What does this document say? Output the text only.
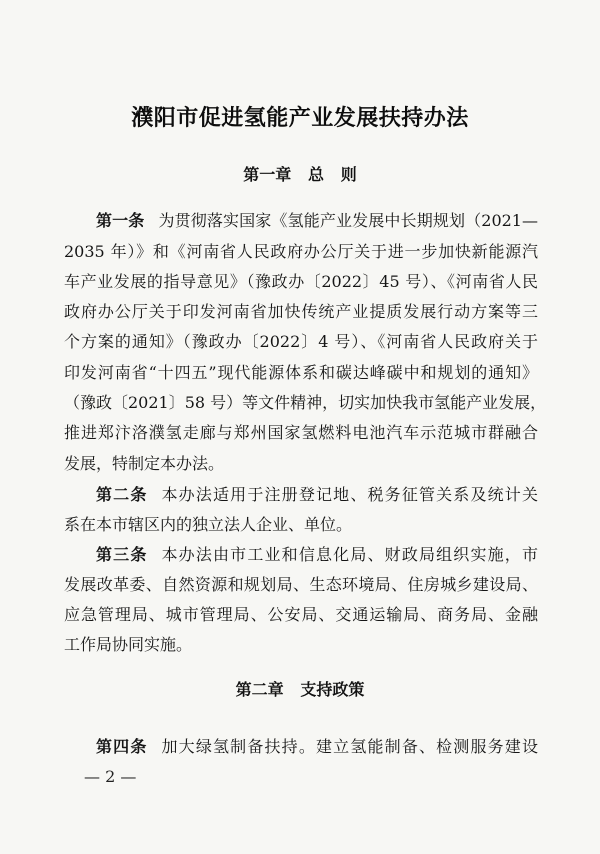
濮阳市促进氢能产业发展扶持办法
第一章   总   则
第一条 为贯彻落实国家《氢能产业发展中长期规划（2021—
2035 年）》和《河南省人民政府办公厅关于进一步加快新能源汽
车产业发展的指导意见》（豫政办〔2022〕45 号）、《河南省人民
政府办公厅关于印发河南省加快传统产业提质发展行动方案等三
个方案的通知》（豫政办〔2022〕4 号）、《河南省人民政府关于
印发河南省“十四五”现代能源体系和碳达峰碳中和规划的通知》
（豫政〔2021〕58 号）等文件精神，切实加快我市氢能产业发展，
推进郑汴洛濮氢走廊与郑州国家氢燃料电池汽车示范城市群融合
发展，特制定本办法。
第二条 本办法适用于注册登记地、税务征管关系及统计关
系在本市辖区内的独立法人企业、单位。
第三条 本办法由市工业和信息化局、财政局组织实施，市
发展改革委、自然资源和规划局、生态环境局、住房城乡建设局、
应急管理局、城市管理局、公安局、交通运输局、商务局、金融
工作局协同实施。
第二章   支持政策
第四条 加大绿氢制备扶持。建立氢能制备、检测服务建设
— 2 —
